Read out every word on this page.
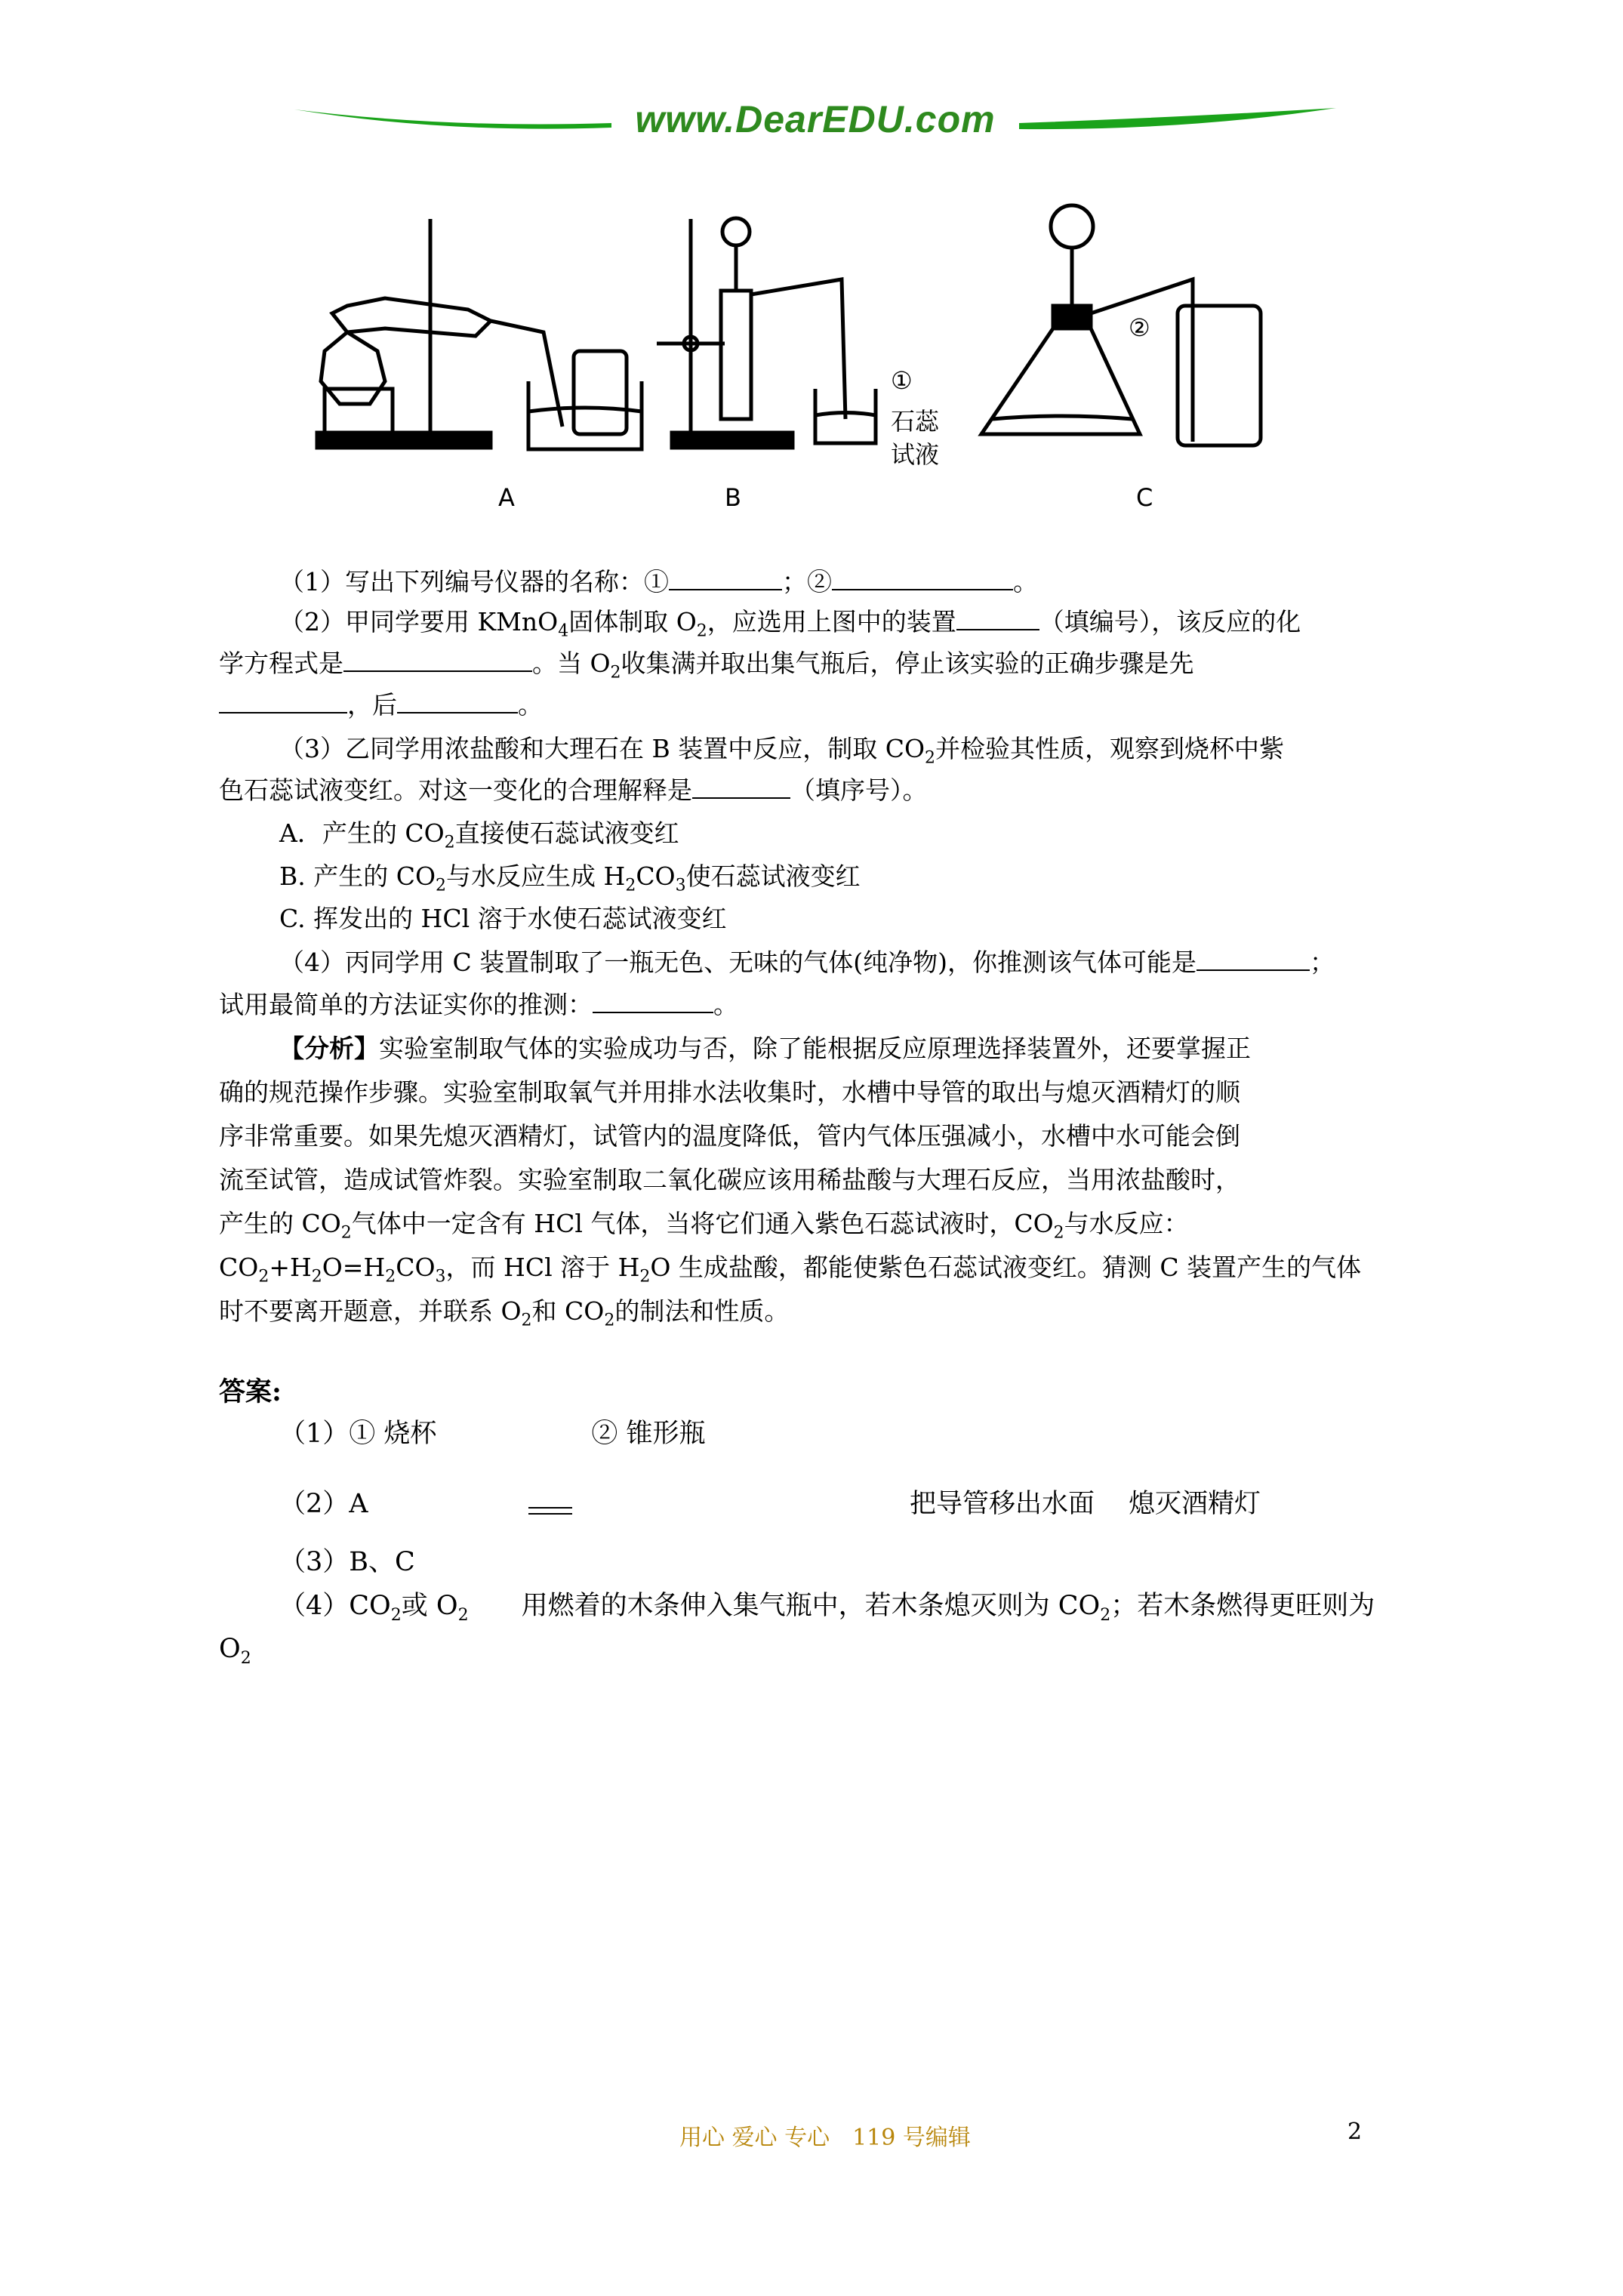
www.DearEDU.com
A	B	C
①
石蕊
试液
②
（1）写出下列编号仪器的名称：①	；②	。
（2）甲同学要用 KMnO$_4$固体制取 $O_2$，应选用上图中的装置	（填编号），该反应的化
学方程式是	。当 $O_2$收集满并取出集气瓶后，停止该实验的正确步骤是先
，后	。
（3）乙同学用浓盐酸和大理石在 B 装置中反应，制取 $CO_2$并检验其性质，观察到烧杯中紫
色石蕊试液变红。对这一变化的合理解释是	（填序号）。
A．产生的 $CO_2$直接使石蕊试液变红
B. 产生的 $CO_2$与水反应生成 $H_2CO_3$使石蕊试液变红
C. 挥发出的 HCl 溶于水使石蕊试液变红
（4）丙同学用 C 装置制取了一瓶无色、无味的气体(纯净物)，你推测该气体可能是	；
试用最简单的方法证实你的推测：	。
【分析】实验室制取气体的实验成功与否，除了能根据反应原理选择装置外，还要掌握正
确的规范操作步骤。实验室制取氧气并用排水法收集时，水槽中导管的取出与熄灭酒精灯的顺
序非常重要。如果先熄灭酒精灯，试管内的温度降低，管内气体压强减小，水槽中水可能会倒
流至试管，造成试管炸裂。实验室制取二氧化碳应该用稀盐酸与大理石反应，当用浓盐酸时，
产生的 $CO_2$气体中一定含有 HCl 气体，当将它们通入紫色石蕊试液时，$CO_2$与水反应：
$CO_2+H_2O=H_2CO_3$，而 HCl 溶于 $H_2O$ 生成盐酸，都能使紫色石蕊试液变红。猜测 C 装置产生的气体
时不要离开题意，并联系 $O_2$和 $CO_2$的制法和性质。
答案:
（1）① 烧杯	② 锥形瓶
（2）A	把导管移出水面 熄灭酒精灯
（3）B、C
$(4)CO_2$或 $O_2$ 用燃着的木条伸入集气瓶中，若木条熄灭则为 $CO_2$；若木条燃得更旺则为
$O_2$
用心 爱心 专心　119 号编辑	2
